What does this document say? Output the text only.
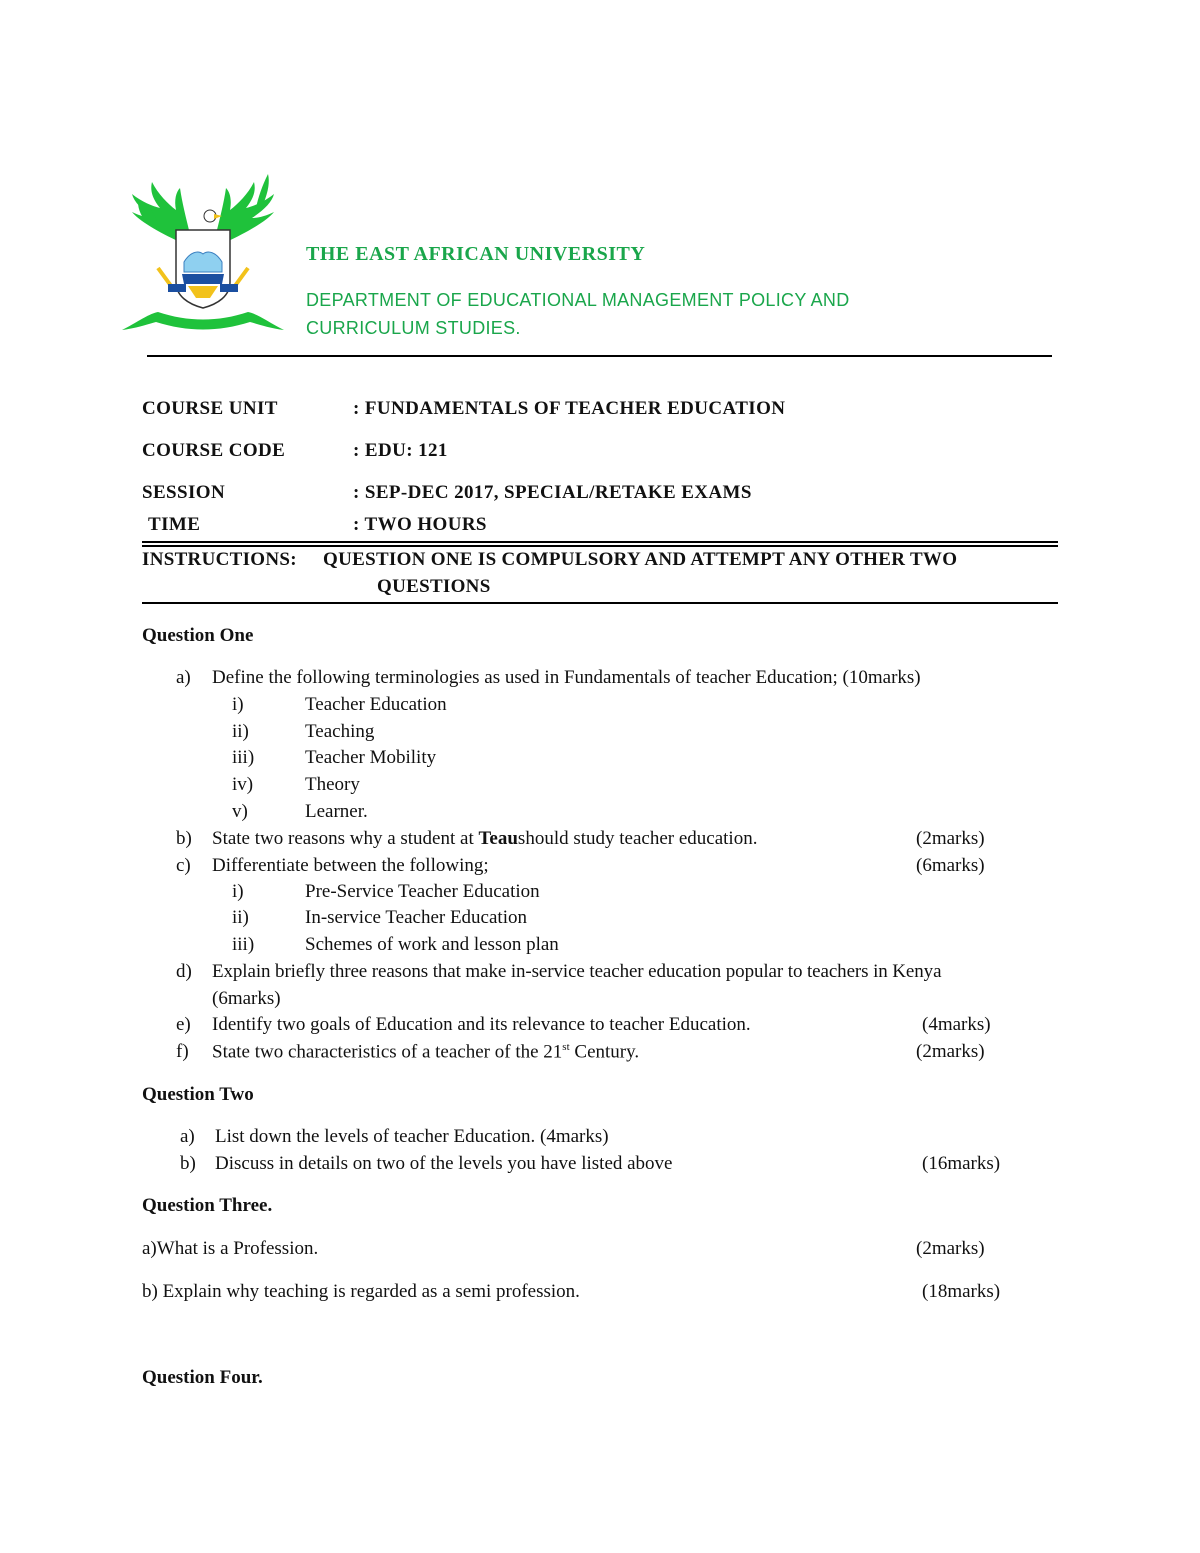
THE EAST AFRICAN UNIVERSITY
DEPARTMENT OF EDUCATIONAL MANAGEMENT POLICY AND
CURRICULUM STUDIES.
COURSE UNIT	: FUNDAMENTALS OF TEACHER EDUCATION
COURSE CODE	: EDU: 121
SESSION	: SEP-DEC 2017, SPECIAL/RETAKE EXAMS
TIME	: TWO HOURS
INSTRUCTIONS: QUESTION ONE IS COMPULSORY AND ATTEMPT ANY OTHER TWO
QUESTIONS
Question One
a) Define the following terminologies as used in Fundamentals of teacher Education; (10marks)
i)	Teacher Education
ii)	Teaching
iii)	Teacher Mobility
iv)	Theory
v)	Learner.
b) State two reasons why a student at Teaushould study teacher education.	(2marks)
c) Differentiate between the following;	(6marks)
i)	Pre-Service Teacher Education
ii)	In-service Teacher Education
iii)	Schemes of work and lesson plan
d) Explain briefly three reasons that make in-service teacher education popular to teachers in Kenya
(6marks)
e) Identify two goals of Education and its relevance to teacher Education.	(4marks)
f) State two characteristics of a teacher of the 21st Century.	(2marks)
Question Two
a) List down the levels of teacher Education. (4marks)
b) Discuss in details on two of the levels you have listed above	(16marks)
Question Three.
a)What is a Profession.	(2marks)
b) Explain why teaching is regarded as a semi profession.	(18marks)
Question Four.
